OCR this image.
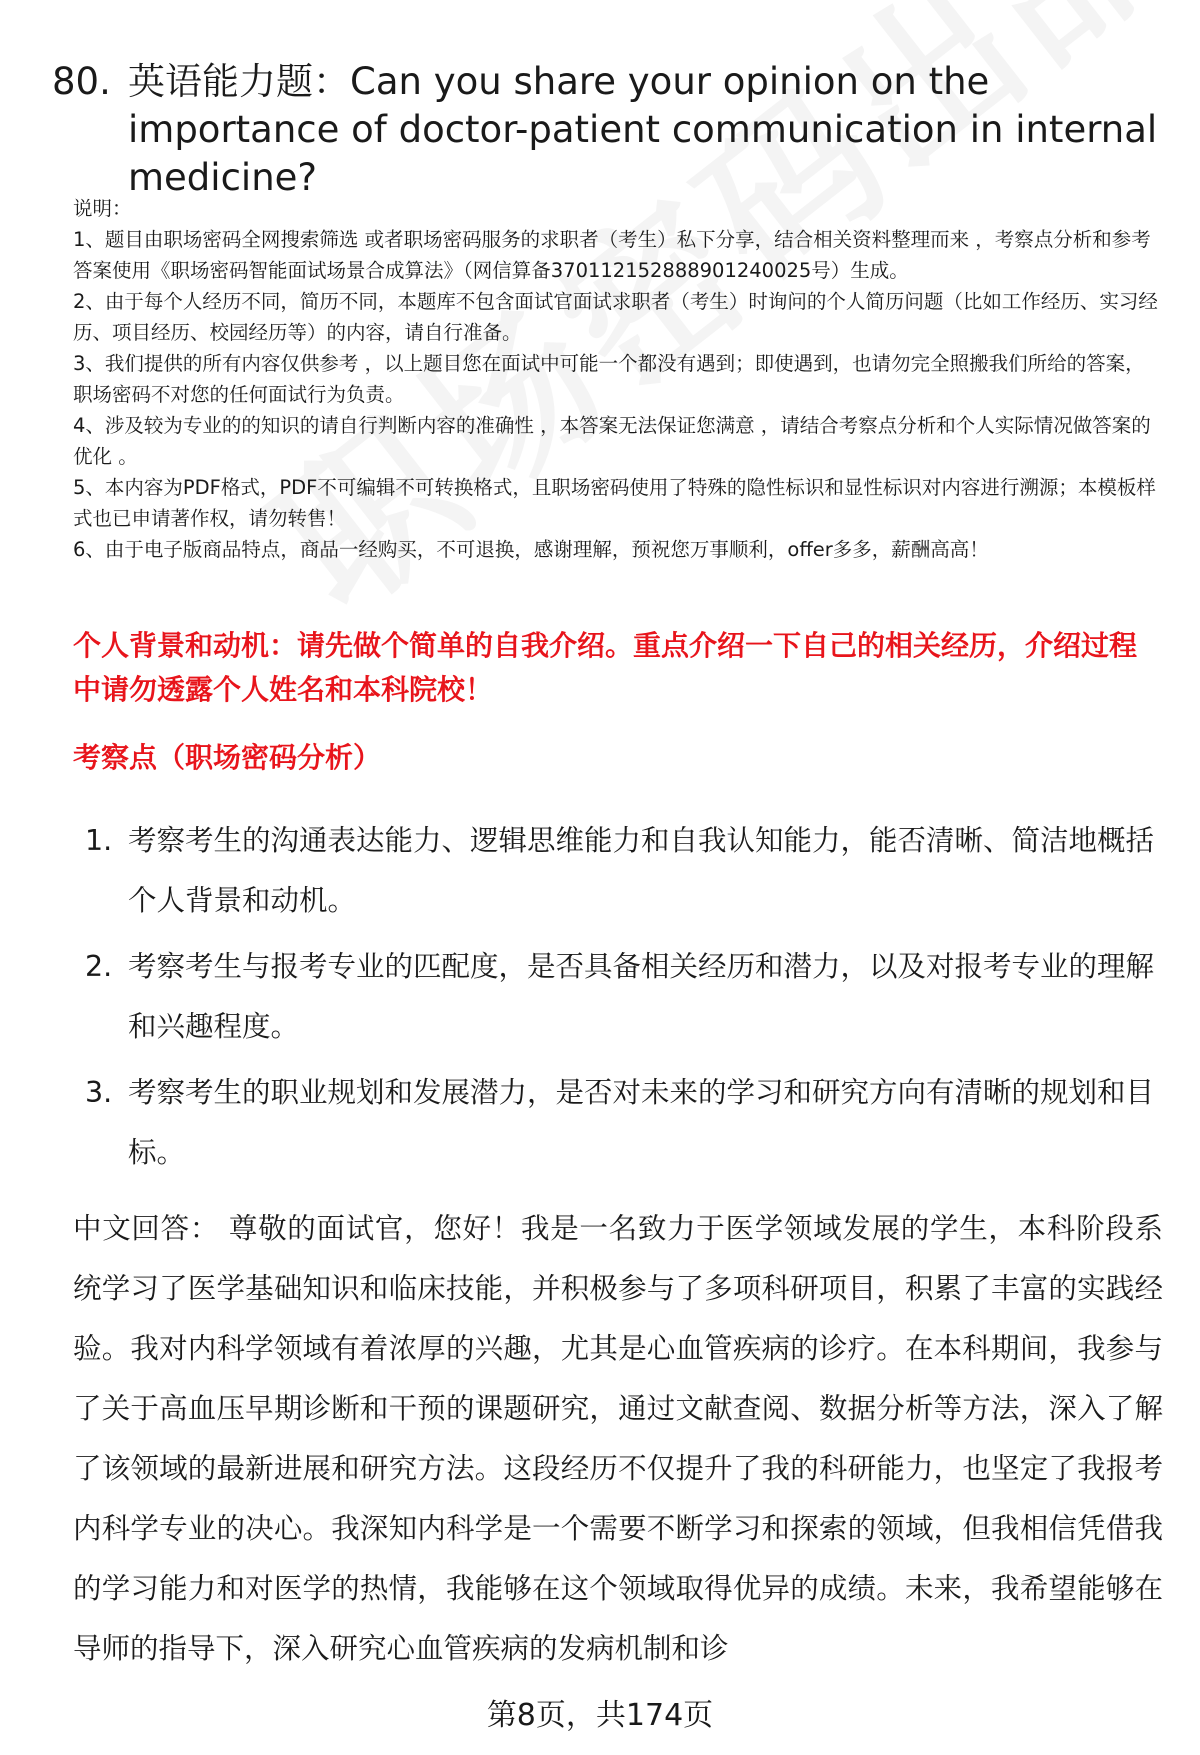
80. 英语能力题：Can you share your opinion on the importance of doctor-patient communication in internal medicine?

说明：

1、题目由职场密码全网搜索筛选 或者职场密码服务的求职者（考生）私下分享，结合相关资料整理而来 ，考察点分析和参考答案使用《职场密码智能面试场景合成算法》（网信算备370112152888901240025号）生成。

2、由于每个人经历不同，简历不同，本题库不包含面试官面试求职者（考生）时询问的个人简历问题（比如工作经历、实习经历、项目经历、校园经历等）的内容，请自行准备。

3、我们提供的所有内容仅供参考 ，以上题目您在面试中可能一个都没有遇到；即使遇到，也请勿完全照搬我们所给的答案，职场密码不对您的任何面试行为负责。

4、涉及较为专业的的知识的请自行判断内容的准确性 ，本答案无法保证您满意 ，请结合考察点分析和个人实际情况做答案的优化 。

5、本内容为PDF格式，PDF不可编辑不可转换格式，且职场密码使用了特殊的隐性标识和显性标识对内容进行溯源；本模板样式也已申请著作权，请勿转售！

6、由于电子版商品特点，商品一经购买，不可退换，感谢理解，预祝您万事顺利，offer多多，薪酬高高！

个人背景和动机：请先做个简单的自我介绍。重点介绍一下自己的相关经历，介绍过程中请勿透露个人姓名和本科院校！
考察点（职场密码分析）
1. 考察考生的沟通表达能力、逻辑思维能力和自我认知能力，能否清晰、简洁地概括个人背景和动机。
2. 考察考生与报考专业的匹配度，是否具备相关经历和潜力，以及对报考专业的理解和兴趣程度。
3. 考察考生的职业规划和发展潜力，是否对未来的学习和研究方向有清晰的规划和目标。
中文回答： 尊敬的面试官，您好！我是一名致力于医学领域发展的学生，本科阶段系统学习了医学基础知识和临床技能，并积极参与了多项科研项目，积累了丰富的实践经验。我对内科学领域有着浓厚的兴趣，尤其是心血管疾病的诊疗。在本科期间，我参与了关于高血压早期诊断和干预的课题研究，通过文献查阅、数据分析等方法，深入了解了该领域的最新进展和研究方法。这段经历不仅提升了我的科研能力，也坚定了我报考内科学专业的决心。我深知内科学是一个需要不断学习和探索的领域，但我相信凭借我的学习能力和对医学的热情，我能够在这个领域取得优异的成绩。未来，我希望能够在导师的指导下，深入研究心血管疾病的发病机制和诊
第8页，共174页
